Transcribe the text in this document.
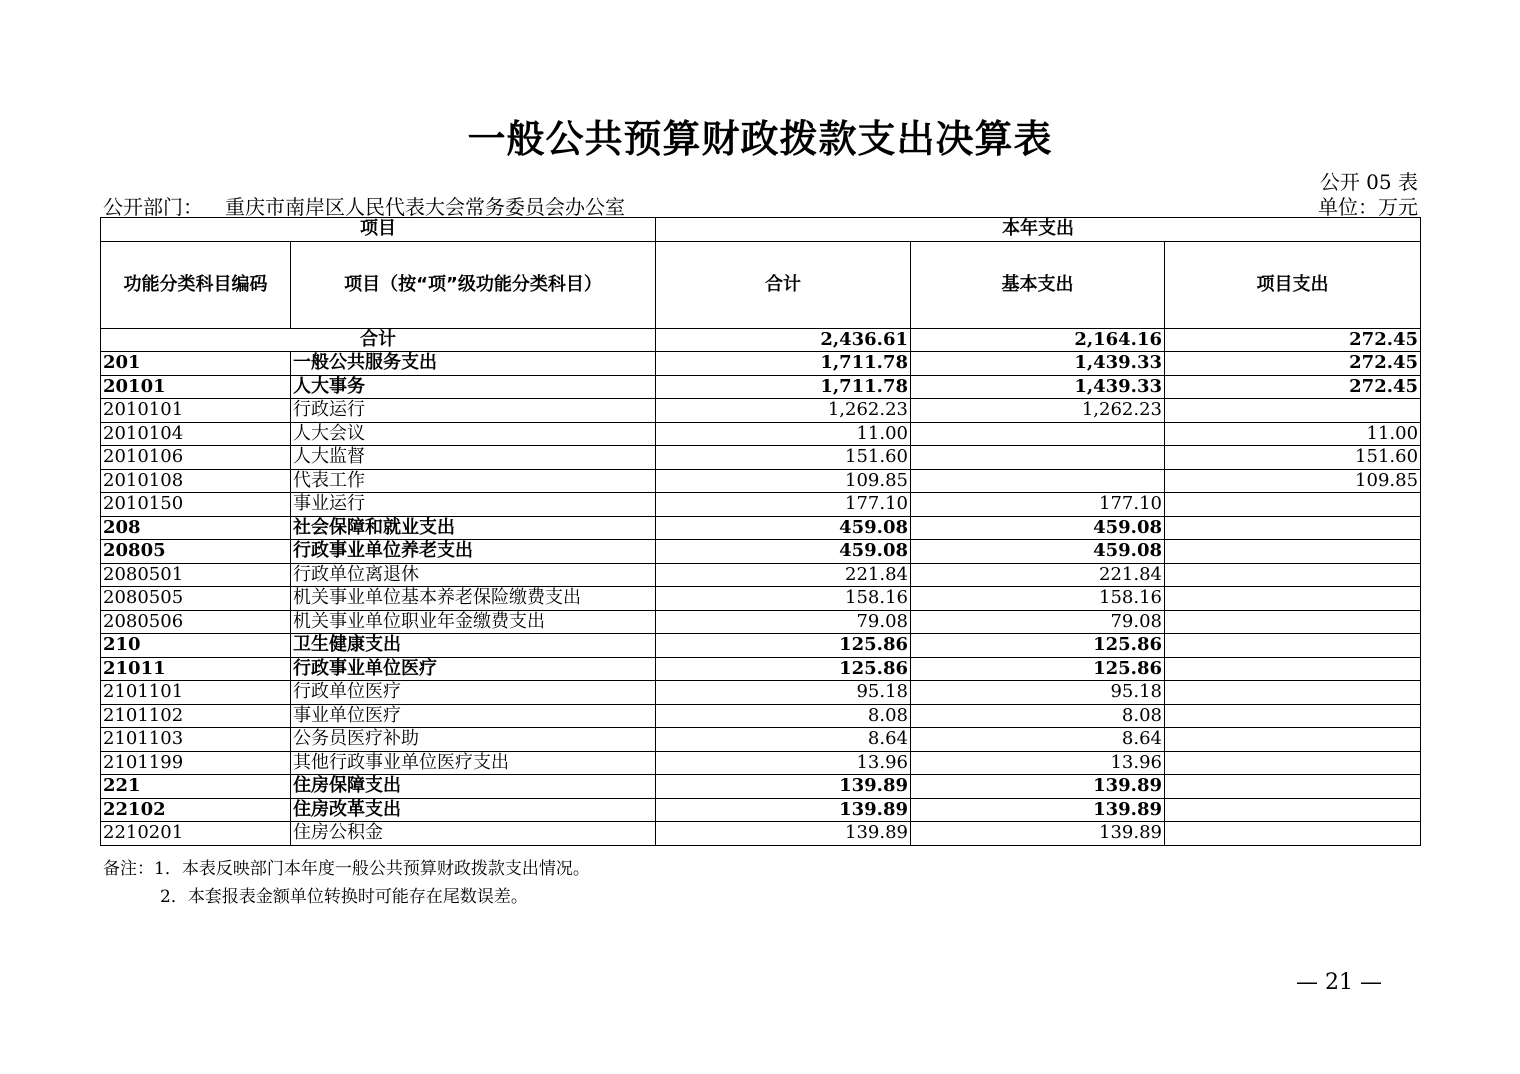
一般公共预算财政拨款支出决算表
公开 05 表
公开部门： 重庆市南岸区人民代表大会常务委员会办公室	单位：万元
项目		本年支出		
功能分类科目编码	项目（按“项”级功能分类科目）	合计	基本支出	项目支出
合计		2,436.61	2,164.16	272.45
201	一般公共服务支出	1,711.78	1,439.33	272.45
20101	人大事务	1,711.78	1,439.33	272.45
2010101	行政运行	1,262.23	1,262.23	
2010104	人大会议	11.00		11.00
2010106	人大监督	151.60		151.60
2010108	代表工作	109.85		109.85
2010150	事业运行	177.10	177.10	
208	社会保障和就业支出	459.08	459.08	
20805	行政事业单位养老支出	459.08	459.08	
2080501	行政单位离退休	221.84	221.84	
2080505	机关事业单位基本养老保险缴费支出	158.16	158.16	
2080506	机关事业单位职业年金缴费支出	79.08	79.08	
210	卫生健康支出	125.86	125.86	
21011	行政事业单位医疗	125.86	125.86	
2101101	行政单位医疗	95.18	95.18	
2101102	事业单位医疗	8.08	8.08	
2101103	公务员医疗补助	8.64	8.64	
2101199	其他行政事业单位医疗支出	13.96	13.96	
221	住房保障支出	139.89	139.89	
22102	住房改革支出	139.89	139.89	
2210201	住房公积金	139.89	139.89	
备注：1．本表反映部门本年度一般公共预算财政拨款支出情况。
2．本套报表金额单位转换时可能存在尾数误差。
— 21 —
